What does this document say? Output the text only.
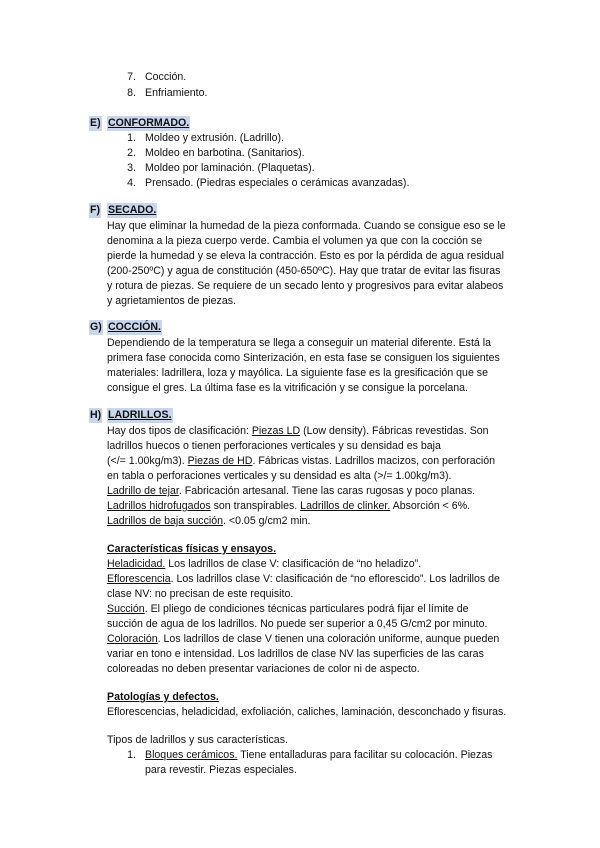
7. Cocción.
8. Enfriamiento.
E) CONFORMADO.
1. Moldeo y extrusión. (Ladrillo).
2. Moldeo en barbotina. (Sanitarios).
3. Moldeo por laminación. (Plaquetas).
4. Prensado. (Piedras especiales o cerámicas avanzadas).
F) SECADO.
Hay que eliminar la humedad de la pieza conformada. Cuando se consigue eso se le
denomina a la pieza cuerpo verde. Cambia el volumen ya que con la cocción se
pierde la humedad y se eleva la contracción. Esto es por la pérdida de agua residual
(200-250ºC) y agua de constitución (450-650ºC). Hay que tratar de evitar las fisuras
y rotura de piezas. Se requiere de un secado lento y progresivos para evitar alabeos
y agrietamientos de piezas.
G) COCCIÓN.
Dependiendo de la temperatura se llega a conseguir un material diferente. Está la
primera fase conocida como Sinterización, en esta fase se consiguen los siguientes
materiales: ladrillera, loza y mayólica. La siguiente fase es la gresificación que se
consigue el gres. La última fase es la vitrificación y se consigue la porcelana.
H) LADRILLOS.
Hay dos tipos de clasificación: Piezas LD (Low density). Fábricas revestidas. Son
ladrillos huecos o tienen perforaciones verticales y su densidad es baja
(</= 1.00kg/m3). Piezas de HD. Fábricas vistas. Ladrillos macizos, con perforación
en tabla o perforaciones verticales y su densidad es alta (>/= 1.00kg/m3).
Ladrillo de tejar. Fabricación artesanal. Tiene las caras rugosas y poco planas.
Ladrillos hidrofugados son transpirables. Ladrillos de clinker. Absorción < 6%.
Ladrillos de baja succión. <0.05 g/cm2 min.
Características físicas y ensayos.
Heladicidad. Los ladrillos de clase V: clasificación de “no heladizo”.
Eflorescencia. Los ladrillos clase V: clasificación de “no eflorescido”. Los ladrillos de
clase NV: no precisan de este requisito.
Succión. El pliego de condiciones técnicas particulares podrá fijar el límite de
succión de agua de los ladrillos. No puede ser superior a 0,45 G/cm2 por minuto.
Coloración. Los ladrillos de clase V tienen una coloración uniforme, aunque pueden
variar en tono e intensidad. Los ladrillos de clase NV las superficies de las caras
coloreadas no deben presentar variaciones de color ni de aspecto.
Patologías y defectos.
Eflorescencias, heladicidad, exfoliación, caliches, laminación, desconchado y fisuras.
Tipos de ladrillos y sus características.
1. Bloques cerámicos. Tiene entalladuras para facilitar su colocación. Piezas
para revestir. Piezas especiales.
